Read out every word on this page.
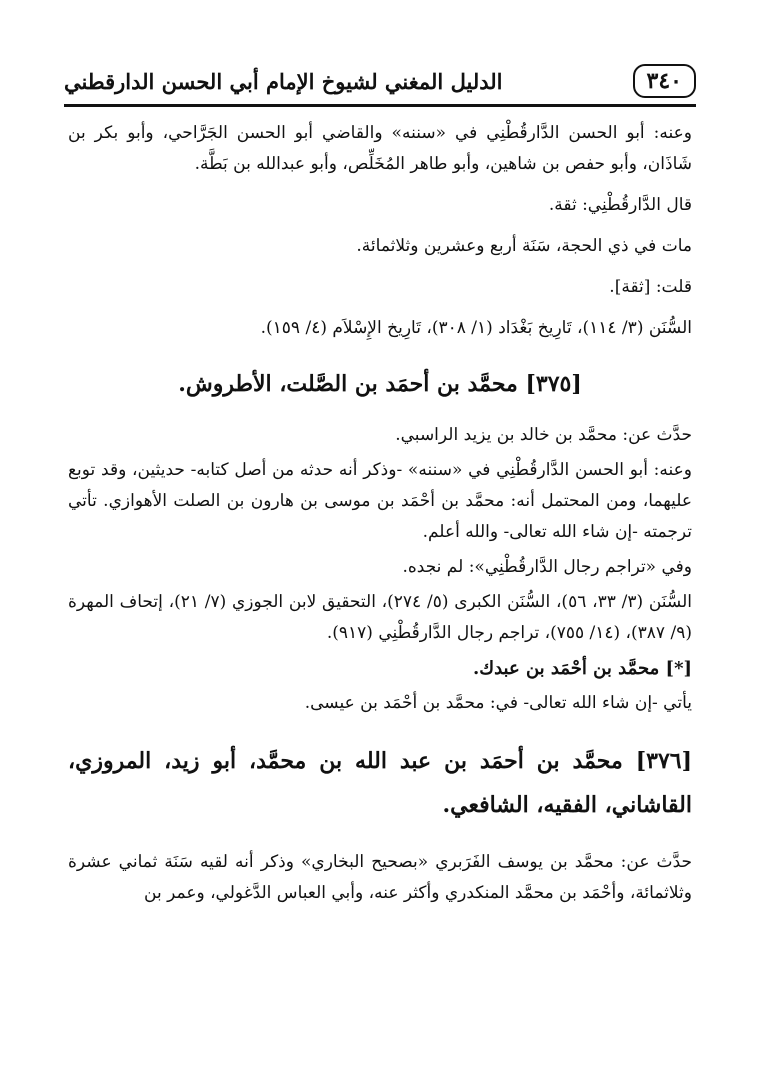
٣٤٠
الدليل المغني لشيوخ الإمام أبي الحسن الدارقطني

وعنه: أبو الحسن الدَّارقُطْنِي في «سننه» والقاضي أبو الحسن الجَرَّاحي، وأبو بكر بن شَاذَان، وأبو حفص بن شاهين، وأبو طاهر المُخَلِّص، وأبو عبدالله بن بَطَّة.

قال الدَّارقُطْنِي: ثقة.

مات في ذي الحجة، سَنَة أربع وعشرين وثلاثمائة.

قلت: [ثقة].

السُّنَن (٣/ ١١٤)، تَارِيخ بَغْدَاد (١/ ٣٠٨)، تَارِيخ الإِسْلاَم (٤/ ١٥٩).

[٣٧٥] محمَّد بن أحمَد بن الصَّلت، الأطروش.

حدَّث عن: محمَّد بن خالد بن يزيد الراسبي.

وعنه: أبو الحسن الدَّارقُطْنِي في «سننه» -وذكر أنه حدثه من أصل كتابه- حديثين، وقد توبع عليهما، ومن المحتمل أنه: محمَّد بن أحْمَد بن موسى بن هارون بن الصلت الأهوازي. تأتي ترجمته -إن شاء الله تعالى- والله أعلم.

وفي «تراجم رجال الدَّارقُطْنِي»: لم نجده.

السُّنَن (٣/ ٣٣، ٥٦)، السُّنَن الكبرى (٥/ ٢٧٤)، التحقيق لابن الجوزي (٧/ ٢١)، إتحاف المهرة (٩/ ٣٨٧)، (١٤/ ٧٥٥)، تراجم رجال الدَّارقُطْنِي (٩١٧).

[*] محمَّد بن أحْمَد بن عبدك.

يأتي -إن شاء الله تعالى- في: محمَّد بن أحْمَد بن عيسى.

[٣٧٦] محمَّد بن أحمَد بن عبد الله بن محمَّد، أبو زيد، المروزي، القاشاني، الفقيه، الشافعي.

حدَّث عن: محمَّد بن يوسف الفَرَبري «بصحيح البخاري» وذكر أنه لقيه سَنَة ثماني عشرة وثلاثمائة، وأحْمَد بن محمَّد المنكدري وأكثر عنه، وأبي العباس الدَّغولي، وعمر بن
